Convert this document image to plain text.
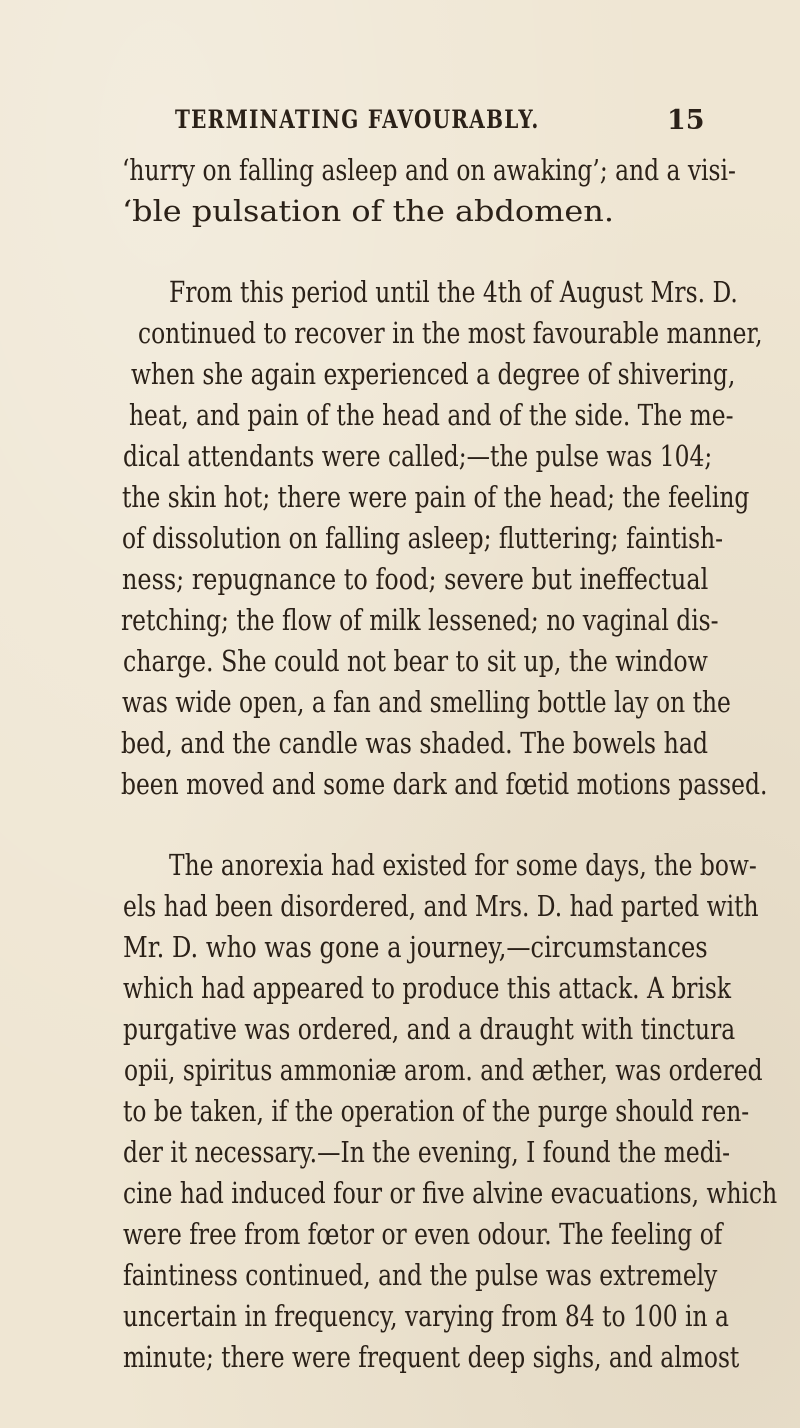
TERMINATING FAVOURABLY.	15
‘hurry on falling asleep and on awaking’; and a visi-
‘ble pulsation of the abdomen.
From this period until the 4th of August Mrs. D.
continued to recover in the most favourable manner,
when she again experienced a degree of shivering,
heat, and pain of the head and of the side. The me-
dical attendants were called;—the pulse was 104;
the skin hot; there were pain of the head; the feeling
of dissolution on falling asleep; fluttering; faintish-
ness; repugnance to food; severe but ineffectual
retching; the flow of milk lessened; no vaginal dis-
charge. She could not bear to sit up, the window
was wide open, a fan and smelling bottle lay on the
bed, and the candle was shaded. The bowels had
been moved and some dark and fœtid motions passed.
The anorexia had existed for some days, the bow-
els had been disordered, and Mrs. D. had parted with
Mr. D. who was gone a journey,—circumstances
which had appeared to produce this attack. A brisk
purgative was ordered, and a draught with tinctura
opii, spiritus ammoniæ arom. and æther, was ordered
to be taken, if the operation of the purge should ren-
der it necessary.—In the evening, I found the medi-
cine had induced four or five alvine evacuations, which
were free from fœtor or even odour. The feeling of
faintiness continued, and the pulse was extremely
uncertain in frequency, varying from 84 to 100 in a
minute; there were frequent deep sighs, and almost
